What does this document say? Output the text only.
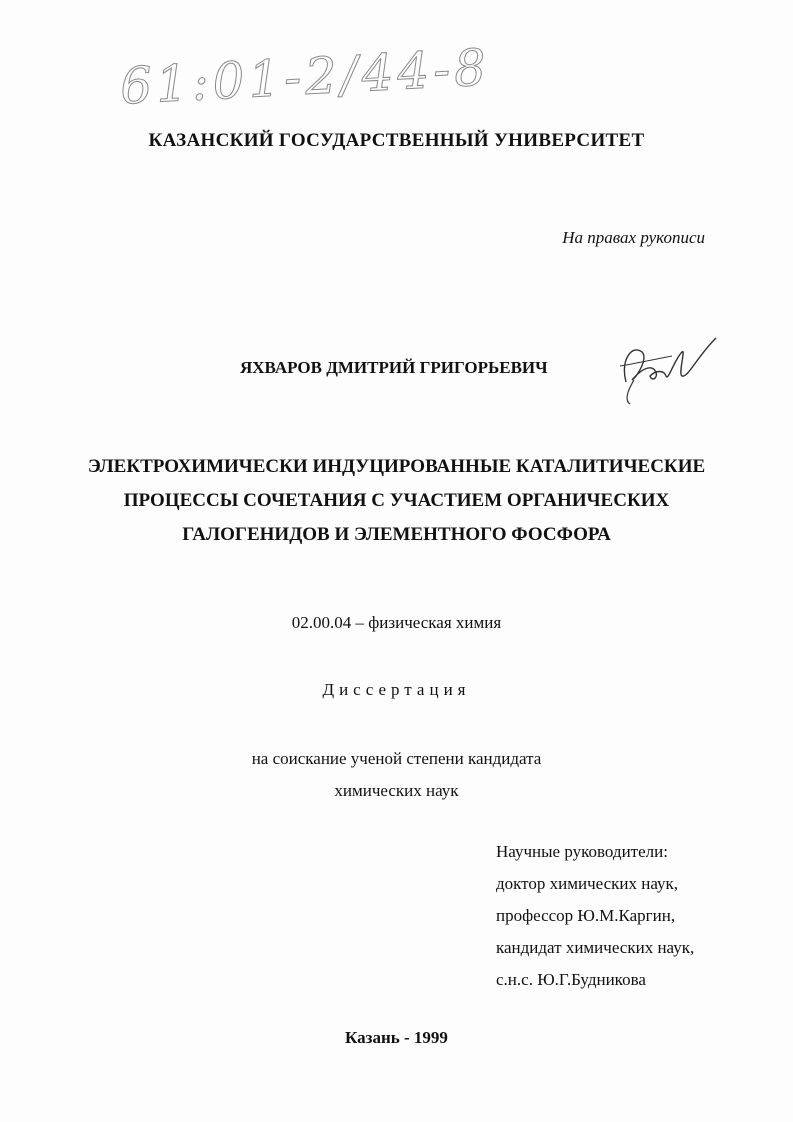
61:01-2/44-8
КАЗАНСКИЙ ГОСУДАРСТВЕННЫЙ УНИВЕРСИТЕТ
На правах рукописи
ЯХВАРОВ ДМИТРИЙ ГРИГОРЬЕВИЧ
ЭЛЕКТРОХИМИЧЕСКИ ИНДУЦИРОВАННЫЕ КАТАЛИТИЧЕСКИЕ
ПРОЦЕССЫ СОЧЕТАНИЯ С УЧАСТИЕМ ОРГАНИЧЕСКИХ
ГАЛОГЕНИДОВ И ЭЛЕМЕНТНОГО ФОСФОРА
02.00.04 – физическая химия
Диссертация
на соискание ученой степени кандидата
химических наук
Научные руководители:
доктор химических наук,
профессор Ю.М.Каргин,
кандидат химических наук,
с.н.с. Ю.Г.Будникова
Казань - 1999
